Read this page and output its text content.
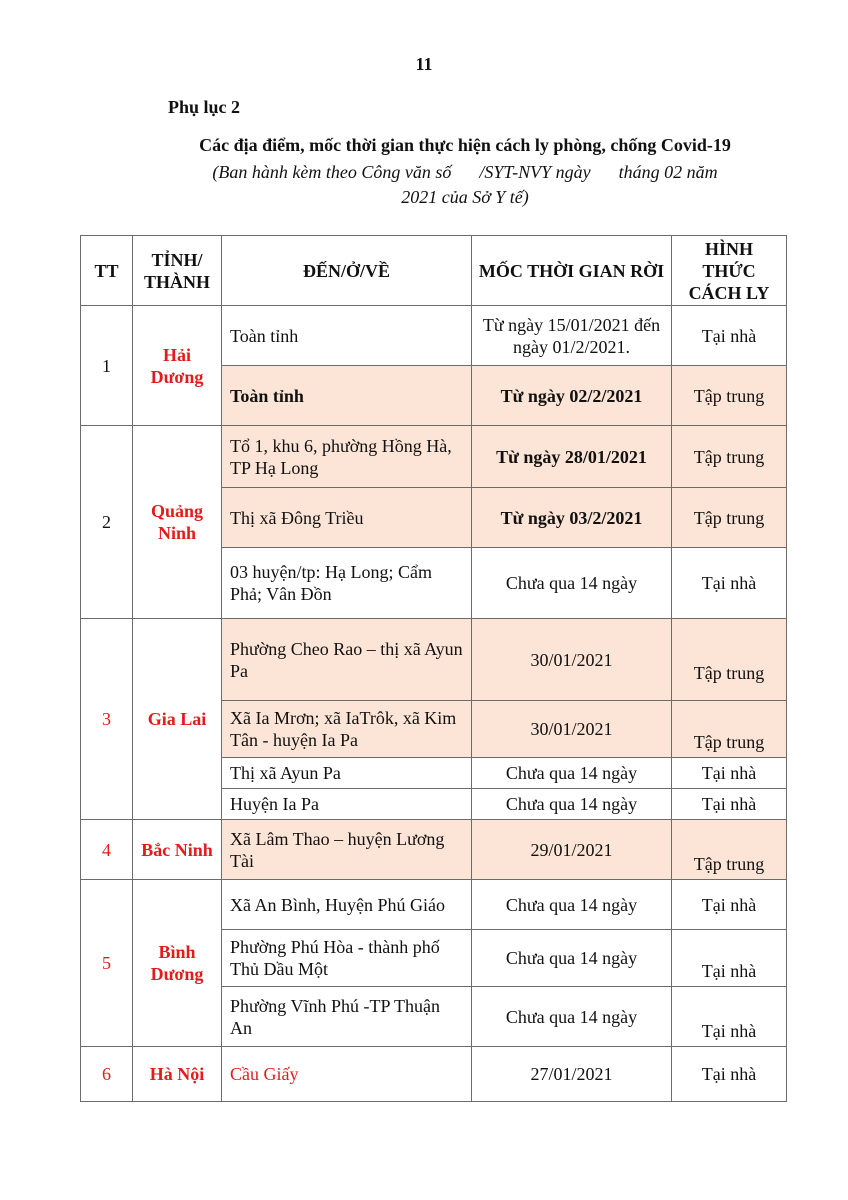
11
Phụ lục 2
Các địa điểm, mốc thời gian thực hiện cách ly phòng, chống Covid-19
(Ban hành kèm theo Công văn số /SYT-NVY ngày tháng 02 năm
2021 của Sở Y tế)
TT	TỈNH/ THÀNH	ĐẾN/Ở/VỀ	MỐC THỜI GIAN RỜI	HÌNH THỨC CÁCH LY
1	Hải Dương	Toàn tỉnh	Từ ngày 15/01/2021 đến ngày 01/2/2021.	Tại nhà
		Toàn tỉnh	Từ ngày 02/2/2021	Tập trung
2	Quảng Ninh	Tổ 1, khu 6, phường Hồng Hà, TP Hạ Long	Từ ngày 28/01/2021	Tập trung
		Thị xã Đông Triều	Từ ngày 03/2/2021	Tập trung
		03 huyện/tp: Hạ Long; Cẩm Phả; Vân Đồn	Chưa qua 14 ngày	Tại nhà
3	Gia Lai	Phường Cheo Rao – thị xã Ayun Pa	30/01/2021	Tập trung
		Xã Ia Mrơn; xã IaTrôk, xã Kim Tân - huyện Ia Pa	30/01/2021	Tập trung
		Thị xã Ayun Pa	Chưa qua 14 ngày	Tại nhà
		Huyện Ia Pa	Chưa qua 14 ngày	Tại nhà
4	Bắc Ninh	Xã Lâm Thao – huyện Lương Tài	29/01/2021	Tập trung
5	Bình Dương	Xã An Bình, Huyện Phú Giáo	Chưa qua 14 ngày	Tại nhà
		Phường Phú Hòa - thành phố Thủ Dầu Một	Chưa qua 14 ngày	Tại nhà
		Phường Vĩnh Phú -TP Thuận An	Chưa qua 14 ngày	Tại nhà
6	Hà Nội	Cầu Giấy	27/01/2021	Tại nhà
